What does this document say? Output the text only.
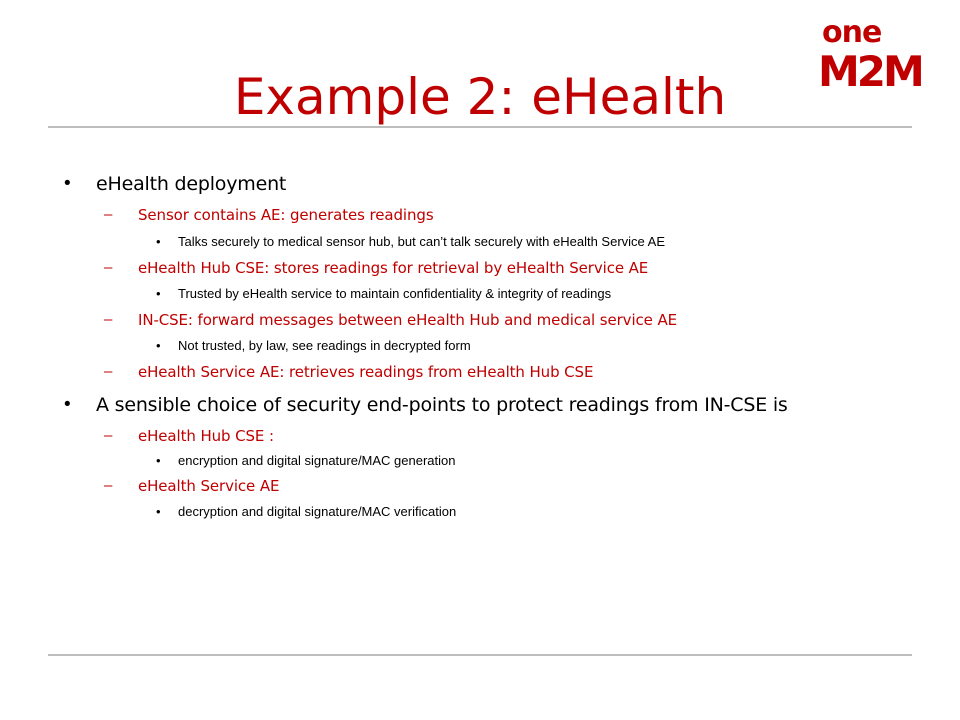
one
M2M
Example 2: eHealth
• eHealth deployment
– Sensor contains AE: generates readings
• Talks securely to medical sensor hub, but can’t talk securely with eHealth Service AE
– eHealth Hub CSE: stores readings for retrieval by eHealth Service AE
• Trusted by eHealth service to maintain confidentiality & integrity of readings
– IN-CSE: forward messages between eHealth Hub and medical service AE
• Not trusted, by law, see readings in decrypted form
– eHealth Service AE: retrieves readings from eHealth Hub CSE
• A sensible choice of security end-points to protect readings from IN-CSE is
– eHealth Hub CSE :
• encryption and digital signature/MAC generation
– eHealth Service AE
• decryption and digital signature/MAC verification
